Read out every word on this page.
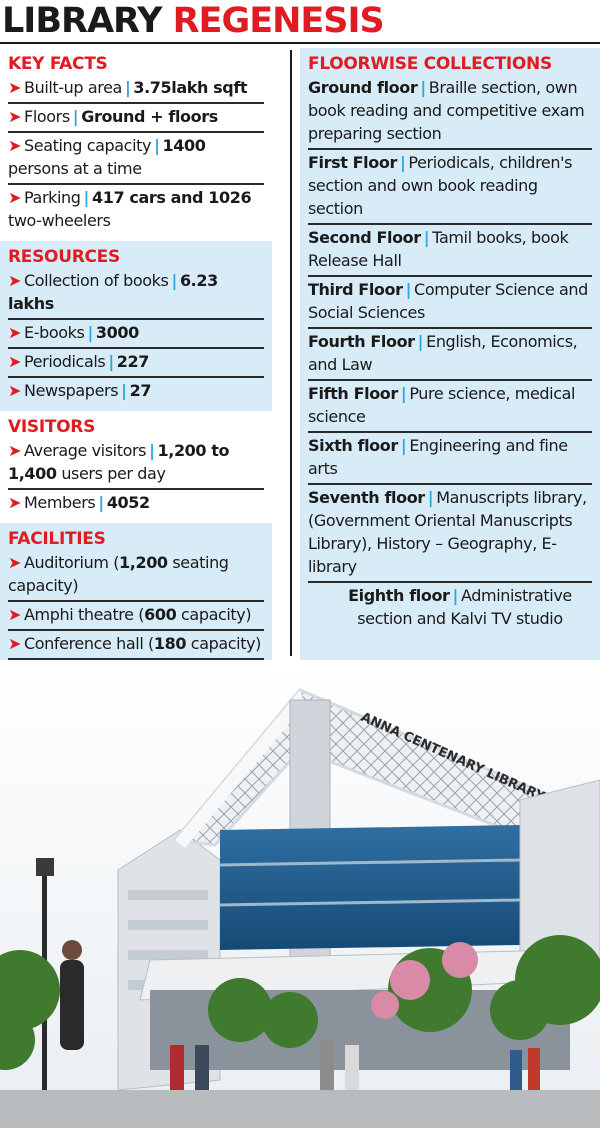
LIBRARY REGENESIS
KEY FACTS
➤ Built-up area | 3.75lakh sqft
➤ Floors | Ground + floors
➤ Seating capacity | 1400 persons at a time
➤ Parking | 417 cars and 1026 two-wheelers
RESOURCES
➤ Collection of books | 6.23 lakhs
➤ E-books | 3000
➤ Periodicals | 227
➤ Newspapers | 27
VISITORS
➤ Average visitors | 1,200 to 1,400 users per day
➤ Members | 4052
FACILITIES
➤ Auditorium (1,200 seating capacity)
➤ Amphi theatre (600 capacity)
➤ Conference hall (180 capacity)
FLOORWISE COLLECTIONS
Ground floor | Braille section, own book reading and competitive exam preparing section
First Floor | Periodicals, children's section and own book reading section
Second Floor | Tamil books, book Release Hall
Third Floor | Computer Science and Social Sciences
Fourth Floor | English, Economics, and Law
Fifth Floor | Pure science, medical science
Sixth floor | Engineering and fine arts
Seventh floor | Manuscripts library, (Government Oriental Manuscripts Library), History – Geography, E-library
Eighth floor | Administrative section and Kalvi TV studio
ANNA CENTENARY LIBRARY
